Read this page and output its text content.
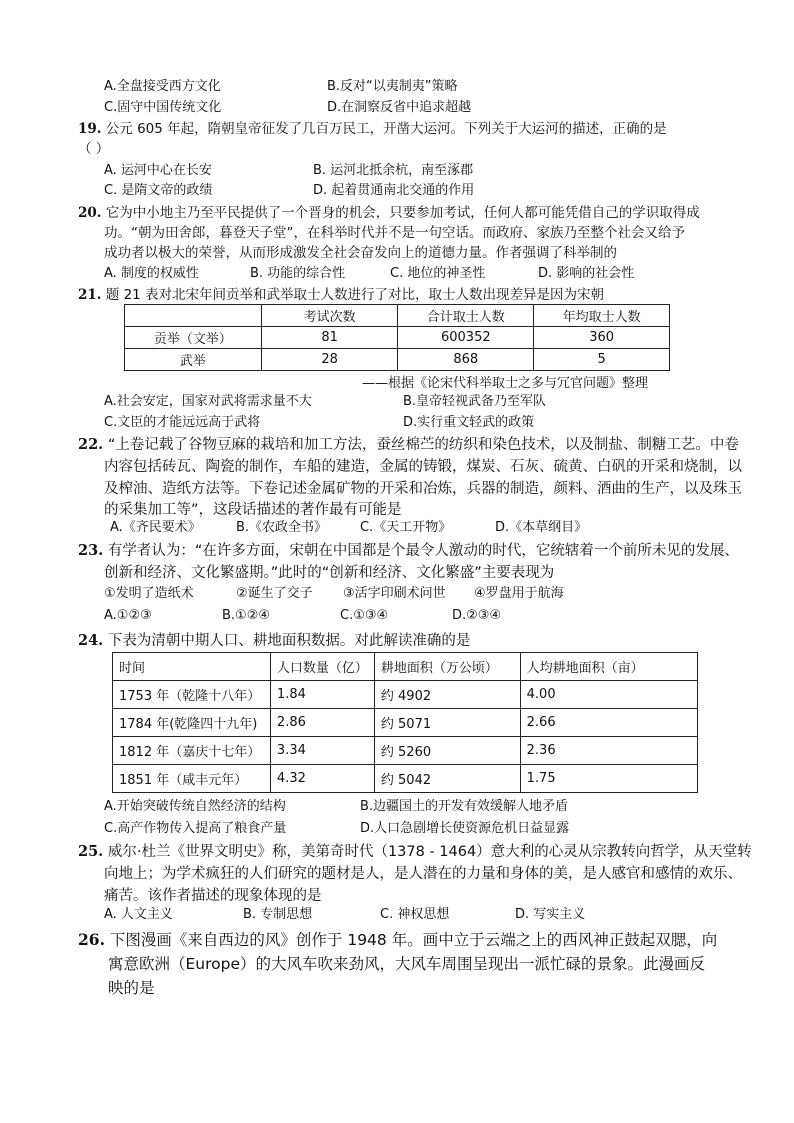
A.全盘接受西方文化	B.反对“以夷制夷”策略
C.固守中国传统文化	D.在洞察反省中追求超越
19. 公元 605 年起，隋朝皇帝征发了几百万民工，开凿大运河。下列关于大运河的描述，正确的是
（ ）
A. 运河中心在长安	B. 运河北抵余杭，南至涿郡
C. 是隋文帝的政绩	D. 起着贯通南北交通的作用
20. 它为中小地主乃至平民提供了一个晋身的机会，只要参加考试，任何人都可能凭借自己的学识取得成
功。“朝为田舍郎，暮登天子堂”，在科举时代并不是一句空话。而政府、家族乃至整个社会又给予
成功者以极大的荣誉，从而形成激发全社会奋发向上的道德力量。作者强调了科举制的
A. 制度的权威性	B. 功能的综合性	C. 地位的神圣性	D. 影响的社会性
21. 题 21 表对北宋年间贡举和武举取士人数进行了对比，取士人数出现差异是因为宋朝
	考试次数	合计取士人数	年均取士人数
贡举（文举）	81	600352	360
武举	28	868	5
——根据《论宋代科举取士之多与冗官问题》整理
A.社会安定，国家对武将需求量不大	B.皇帝轻视武备乃至军队
C.文臣的才能远远高于武将	D.实行重文轻武的政策
22. “上卷记载了谷物豆麻的栽培和加工方法，蚕丝棉苎的纺织和染色技术，以及制盐、制糖工艺。中卷
内容包括砖瓦、陶瓷的制作，车船的建造，金属的铸锻，煤炭、石灰、硫黄、白矾的开采和烧制，以
及榨油、造纸方法等。下卷记述金属矿物的开采和冶炼，兵器的制造，颜料、酒曲的生产，以及珠玉
的采集加工等”，这段话描述的著作最有可能是
A.《齐民要术》	B.《农政全书》	C.《天工开物》	D.《本草纲目》
23. 有学者认为：“在许多方面，宋朝在中国都是个最令人激动的时代，它统辖着一个前所未见的发展、
创新和经济、文化繁盛期。”此时的“创新和经济、文化繁盛”主要表现为
①发明了造纸术	②诞生了交子 ③活字印刷术问世 ④罗盘用于航海
A.①②③	B.①②④	C.①③④	D.②③④
24. 下表为清朝中期人口、耕地面积数据。对此解读准确的是
时间	人口数量（亿）	耕地面积（万公顷）	人均耕地面积（亩）
1753 年（乾隆十八年）	1.84	约 4902	4.00
1784 年(乾隆四十九年)	2.86	约 5071	2.66
1812 年（嘉庆十七年）	3.34	约 5260	2.36
1851 年（咸丰元年）	4.32	约 5042	1.75
A.开始突破传统自然经济的结构	B.边疆国土的开发有效缓解人地矛盾
C.高产作物传入提高了粮食产量	D.人口急剧增长使资源危机日益显露
25. 威尔·杜兰《世界文明史》称，美第奇时代（1378 - 1464）意大利的心灵从宗教转向哲学，从天堂转
向地上；为学术疯狂的人们研究的题材是人，是人潜在的力量和身体的美，是人感官和感情的欢乐、
痛苦。该作者描述的现象体现的是
A. 人文主义	B. 专制思想	C. 神权思想	D. 写实主义
26. 下图漫画《来自西边的风》创作于 1948 年。画中立于云端之上的西风神正鼓起双腮，向
寓意欧洲（Europe）的大风车吹来劲风，大风车周围呈现出一派忙碌的景象。此漫画反
映的是
